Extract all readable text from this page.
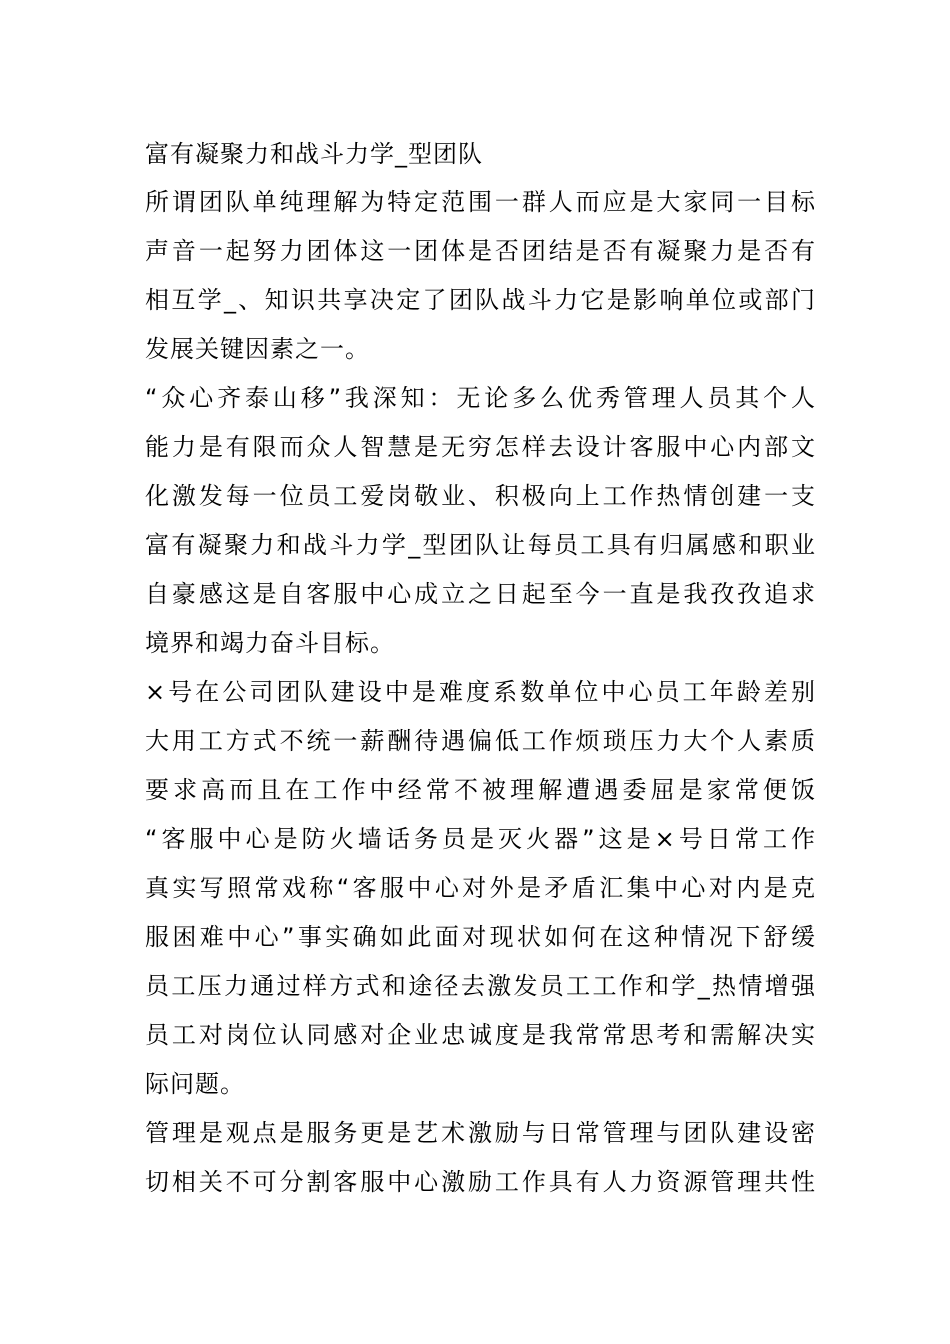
富有凝聚力和战斗力学_型团队

所谓团队单纯理解为特定范围一群人而应是大家同一目标
声音一起努力团体这一团体是否团结是否有凝聚力是否有
相互学_、知识共享决定了团队战斗力它是影响单位或部门
发展关键因素之一。

“众心齐泰山移”我深知：无论多么优秀管理人员其个人
能力是有限而众人智慧是无穷怎样去设计客服中心内部文
化激发每一位员工爱岗敬业、积极向上工作热情创建一支
富有凝聚力和战斗力学_型团队让每员工具有归属感和职业
自豪感这是自客服中心成立之日起至今一直是我孜孜追求
境界和竭力奋斗目标。

×号在公司团队建设中是难度系数单位中心员工年龄差别
大用工方式不统一薪酬待遇偏低工作烦琐压力大个人素质
要求高而且在工作中经常不被理解遭遇委屈是家常便饭
“客服中心是防火墙话务员是灭火器”这是×号日常工作
真实写照常戏称“客服中心对外是矛盾汇集中心对内是克
服困难中心”事实确如此面对现状如何在这种情况下舒缓
员工压力通过样方式和途径去激发员工工作和学_热情增强
员工对岗位认同感对企业忠诚度是我常常思考和需解决实
际问题。

管理是观点是服务更是艺术激励与日常管理与团队建设密
切相关不可分割客服中心激励工作具有人力资源管理共性
